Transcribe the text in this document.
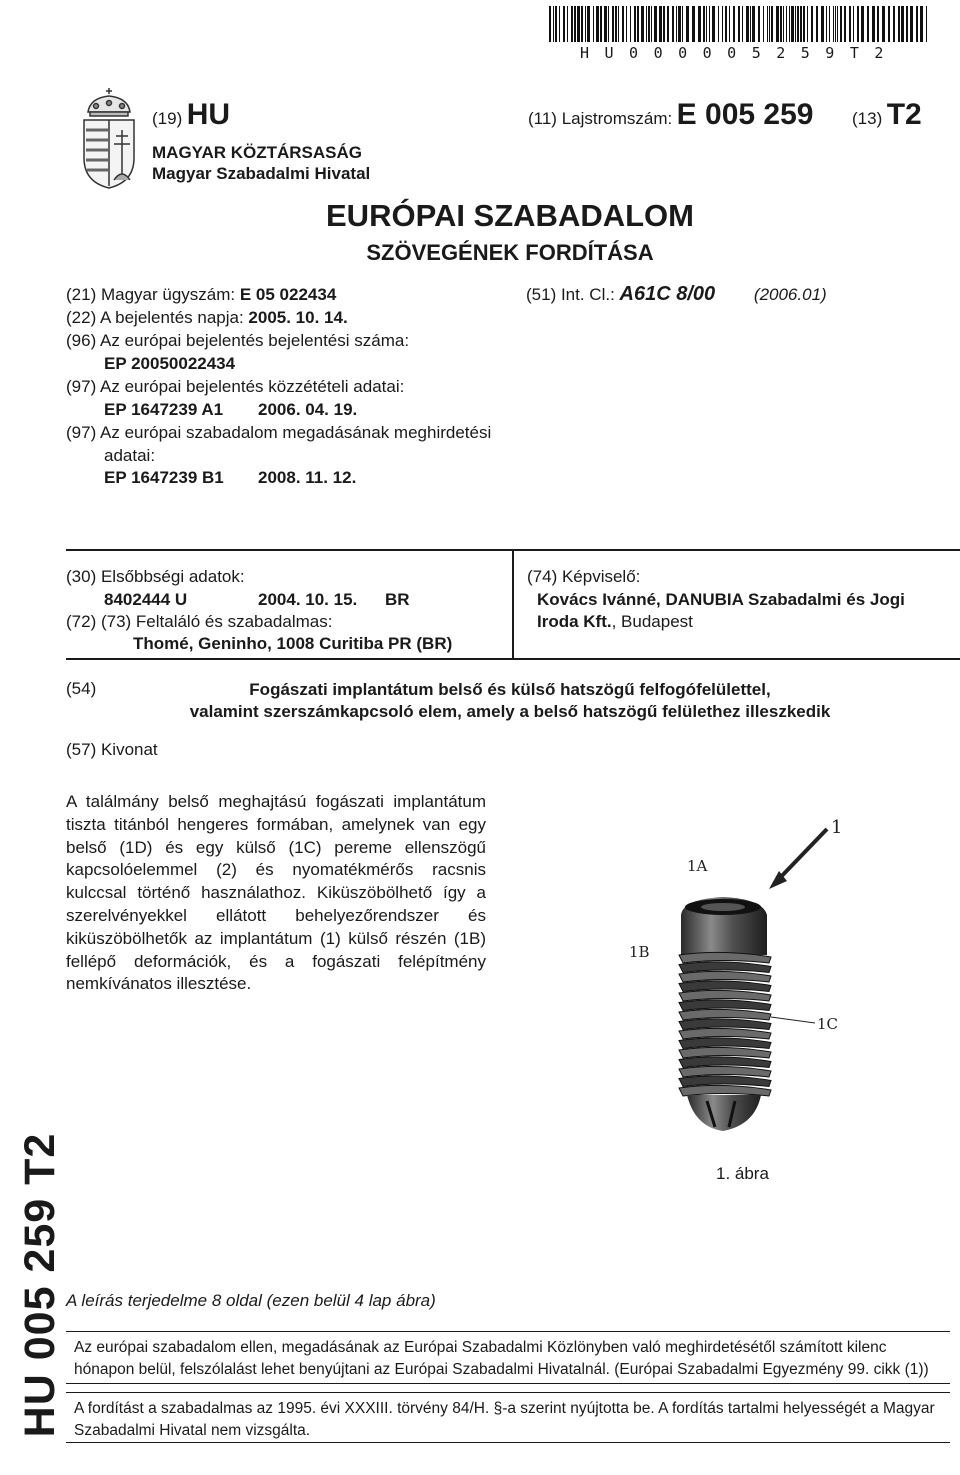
HU000005259T2
(19) HU	(11) Lajstromszám: E 005 259 (13) T2
MAGYAR KÖZTÁRSASÁG
Magyar Szabadalmi Hivatal
EURÓPAI SZABADALOM
SZÖVEGÉNEK FORDÍTÁSA
(21) Magyar ügyszám: E 05 022434
(22) A bejelentés napja: 2005. 10. 14.
(96) Az európai bejelentés bejelentési száma:
EP 20050022434
(97) Az európai bejelentés közzétételi adatai:
EP 1647239 A1 2006. 04. 19.
(97) Az európai szabadalom megadásának meghirdetési
adatai:
EP 1647239 B1 2008. 11. 12.
(51) Int. Cl.: A61C 8/00 (2006.01)
(30) Elsőbbségi adatok:
8402444 U	2004. 10. 15. BR
(72) (73) Feltaláló és szabadalmas:
Thomé, Geninho, 1008 Curitiba PR (BR)
(74) Képviselő:
Kovács Ivánné, DANUBIA Szabadalmi és Jogi
Iroda Kft., Budapest
(54)	Fogászati implantátum belső és külső hatszögű felfogófelülettel,
valamint szerszámkapcsoló elem, amely a belső hatszögű felülethez illeszkedik
(57) Kivonat
A találmány belső meghajtású fogászati implantátum tiszta titánból hengeres formában, amelynek van egy belső (1D) és egy külső (1C) pereme ellenszögű kapcsolóelemmel (2) és nyomatékmérős racsnis kulccsal történő használathoz. Kiküszöbölhető így a szerelvényekkel ellátott behelyezőrendszer és kiküszöbölhetők az implantátum (1) külső részén (1B) fellépő deformációk, és a fogászati felépítmény nemkívánatos illesztése.
1
1A
1B
1C
1. ábra
HU 005 259 T2 A leírás terjedelme 8 oldal (ezen belül 4 lap ábra)
Az európai szabadalom ellen, megadásának az Európai Szabadalmi Közlönyben való meghirdetésétől számított kilenc hónapon belül, felszólalást lehet benyújtani az Európai Szabadalmi Hivatalnál. (Európai Szabadalmi Egyezmény 99. cikk (1))
A fordítást a szabadalmas az 1995. évi XXXIII. törvény 84/H. §-a szerint nyújtotta be. A fordítás tartalmi helyességét a Magyar Szabadalmi Hivatal nem vizsgálta.
